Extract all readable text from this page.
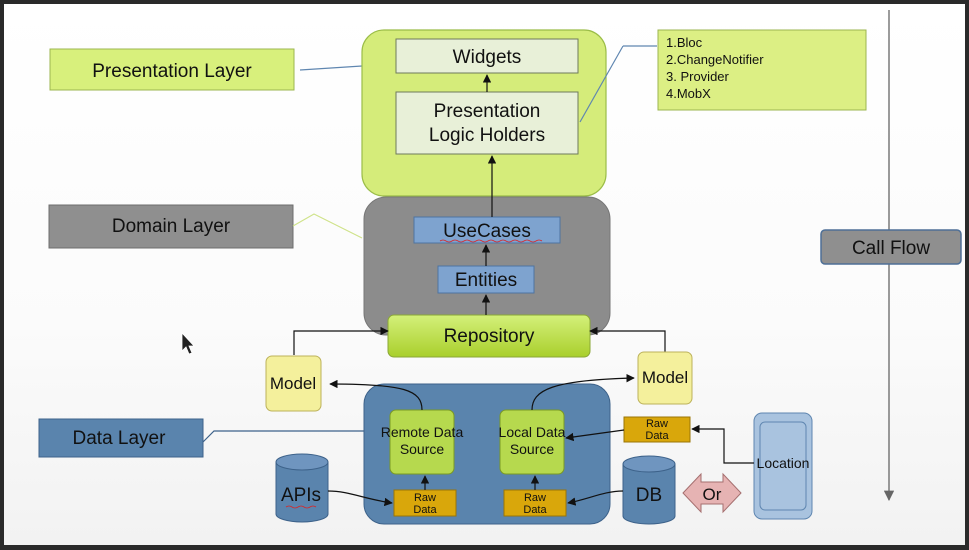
Presentation Layer
Widgets
Presentation
Logic Holders
1.Bloc
2.ChangeNotifier
3. Provider
4.MobX
Domain Layer	UseCases
Entities
Repository
Model	Model
Data Layer	Remote Data
Source
Local Data
Source
Raw
Data
Raw
Data
APIs	DB Or
Raw
Data
Location
Call Flow
